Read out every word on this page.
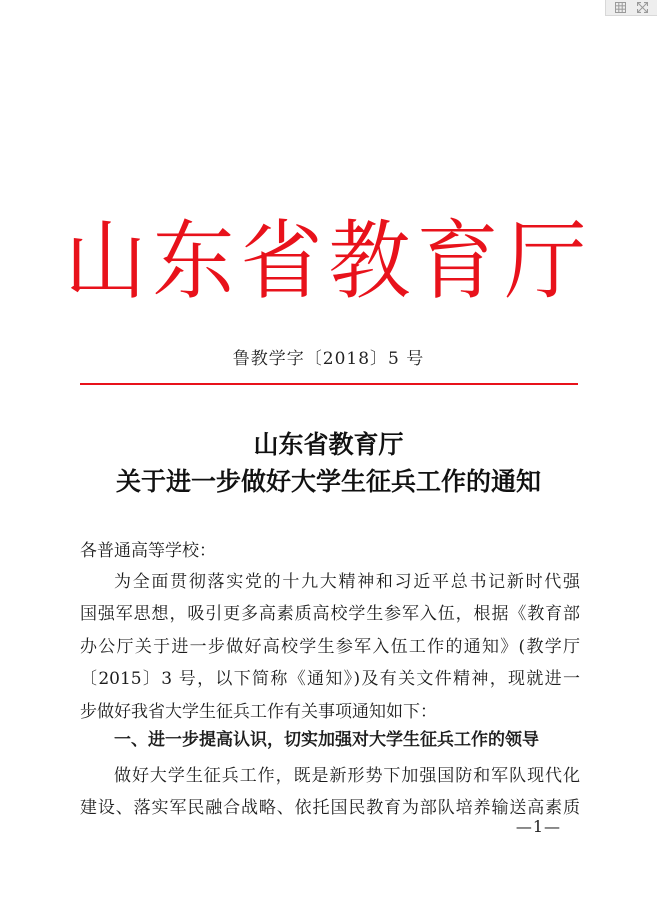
山东省教育厅
鲁教学字〔2018〕5 号
山东省教育厅
关于进一步做好大学生征兵工作的通知
各普通高等学校：
为全面贯彻落实党的十九大精神和习近平总书记新时代强
国强军思想，吸引更多高素质高校学生参军入伍，根据《教育部
办公厅关于进一步做好高校学生参军入伍工作的通知》(教学厅
〔2015〕3 号，以下简称《通知》)及有关文件精神，现就进一
步做好我省大学生征兵工作有关事项通知如下：
一、进一步提高认识，切实加强对大学生征兵工作的领导
做好大学生征兵工作，既是新形势下加强国防和军队现代化
建设、落实军民融合战略、依托国民教育为部队培养输送高素质
—1—
